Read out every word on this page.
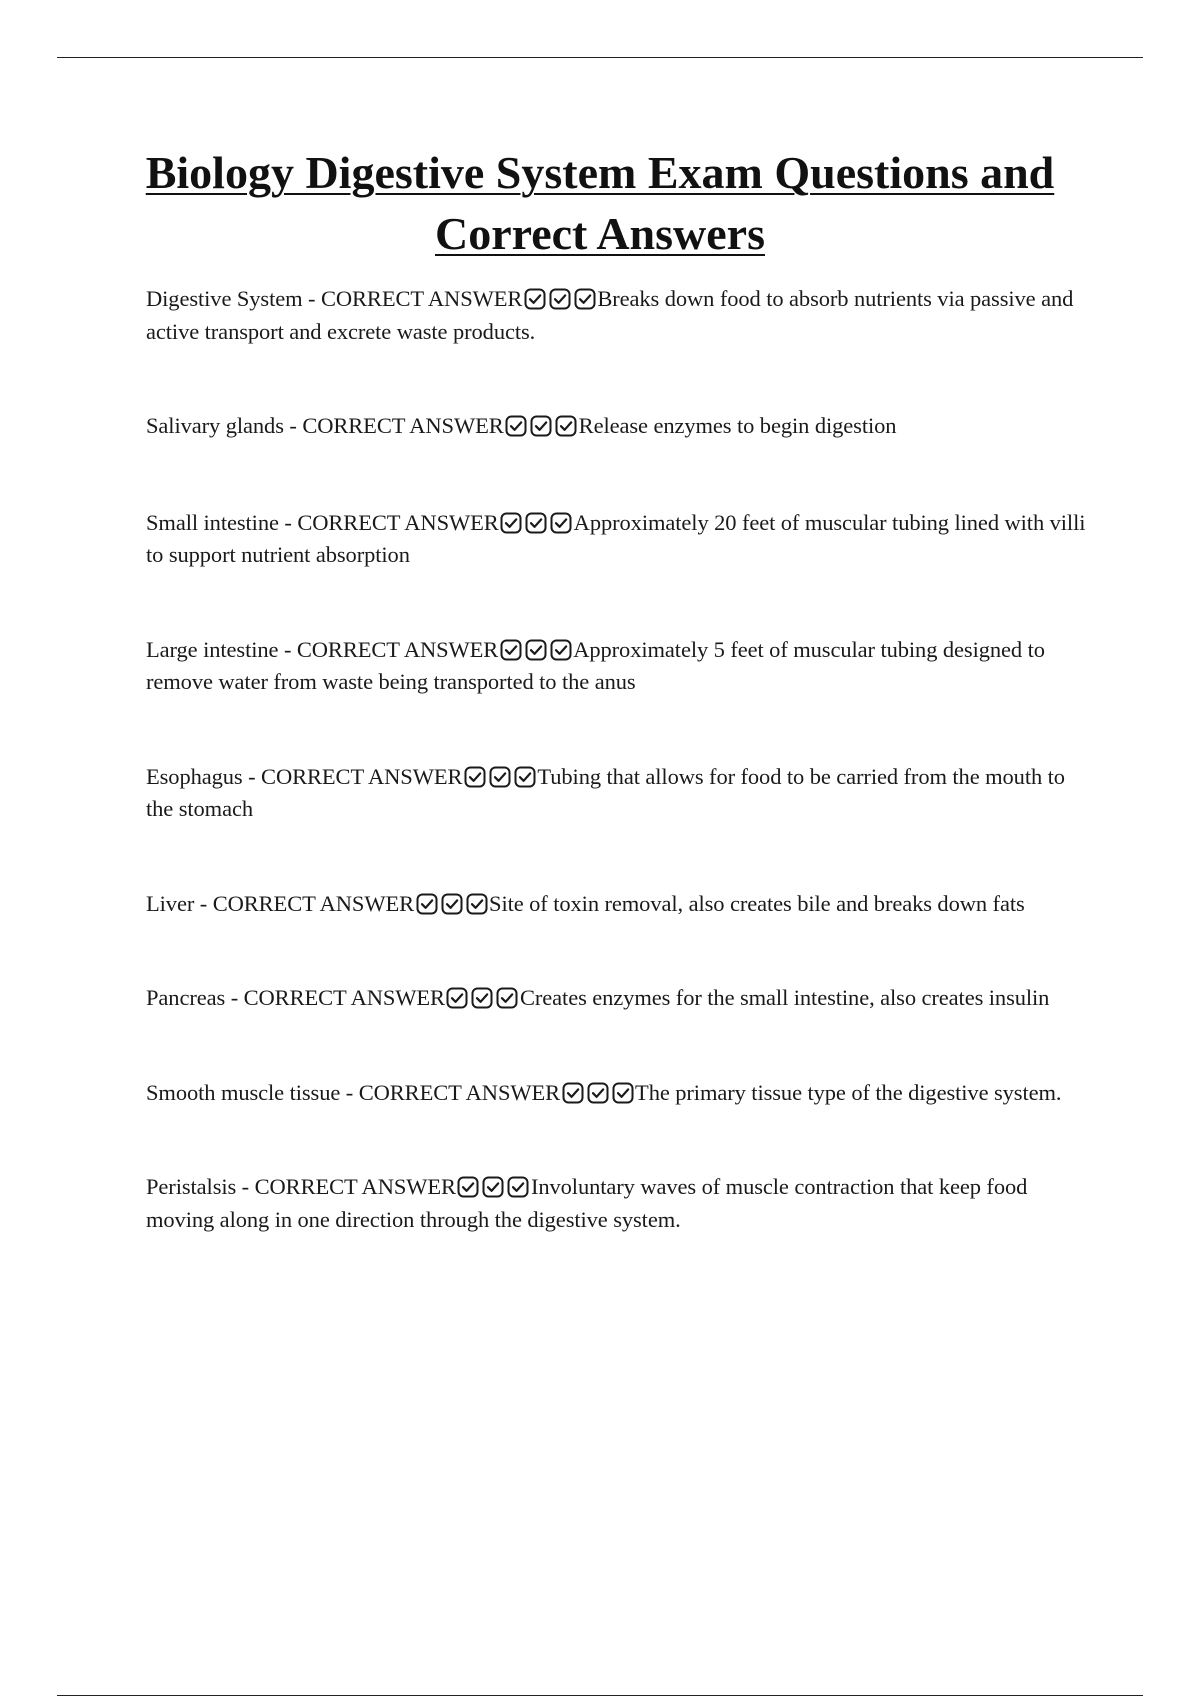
Biology Digestive System Exam Questions and Correct Answers
Digestive System - CORRECT ANSWER	Breaks down food to absorb nutrients via passive and active transport and excrete waste products.
Salivary glands - CORRECT ANSWER	Release enzymes to begin digestion
Small intestine - CORRECT ANSWER	Approximately 20 feet of muscular tubing lined with villi to support nutrient absorption
Large intestine - CORRECT ANSWER	Approximately 5 feet of muscular tubing designed to remove water from waste being transported to the anus
Esophagus - CORRECT ANSWER	Tubing that allows for food to be carried from the mouth to the stomach
Liver - CORRECT ANSWER	Site of toxin removal, also creates bile and breaks down fats
Pancreas - CORRECT ANSWER	Creates enzymes for the small intestine, also creates insulin
Smooth muscle tissue - CORRECT ANSWER	The primary tissue type of the digestive system.
Peristalsis - CORRECT ANSWER	Involuntary waves of muscle contraction that keep food moving along in one direction through the digestive system.
